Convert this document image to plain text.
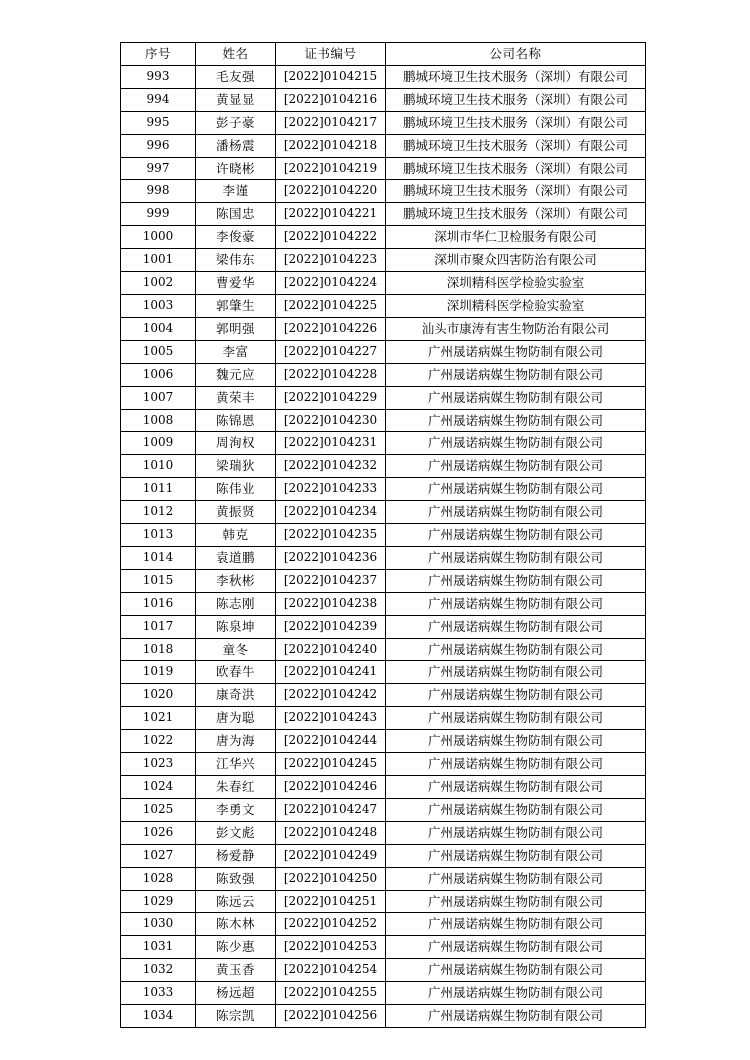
序号	姓名	证书编号	公司名称
993	毛友强	[2022]0104215	鹏城环境卫生技术服务（深圳）有限公司
994	黄显显	[2022]0104216	鹏城环境卫生技术服务（深圳）有限公司
995	彭子豪	[2022]0104217	鹏城环境卫生技术服务（深圳）有限公司
996	潘杨震	[2022]0104218	鹏城环境卫生技术服务（深圳）有限公司
997	许晓彬	[2022]0104219	鹏城环境卫生技术服务（深圳）有限公司
998	李谨	[2022]0104220	鹏城环境卫生技术服务（深圳）有限公司
999	陈国忠	[2022]0104221	鹏城环境卫生技术服务（深圳）有限公司
1000	李俊豪	[2022]0104222	深圳市华仁卫检服务有限公司
1001	梁伟东	[2022]0104223	深圳市聚众四害防治有限公司
1002	曹爱华	[2022]0104224	深圳精科医学检验实验室
1003	郭肇生	[2022]0104225	深圳精科医学检验实验室
1004	郭明强	[2022]0104226	汕头市康涛有害生物防治有限公司
1005	李富	[2022]0104227	广州晟诺病媒生物防制有限公司
1006	魏元应	[2022]0104228	广州晟诺病媒生物防制有限公司
1007	黄荣丰	[2022]0104229	广州晟诺病媒生物防制有限公司
1008	陈锦恩	[2022]0104230	广州晟诺病媒生物防制有限公司
1009	周洵权	[2022]0104231	广州晟诺病媒生物防制有限公司
1010	梁瑞狄	[2022]0104232	广州晟诺病媒生物防制有限公司
1011	陈伟业	[2022]0104233	广州晟诺病媒生物防制有限公司
1012	黄振贤	[2022]0104234	广州晟诺病媒生物防制有限公司
1013	韩克	[2022]0104235	广州晟诺病媒生物防制有限公司
1014	袁道鹏	[2022]0104236	广州晟诺病媒生物防制有限公司
1015	李秋彬	[2022]0104237	广州晟诺病媒生物防制有限公司
1016	陈志刚	[2022]0104238	广州晟诺病媒生物防制有限公司
1017	陈泉坤	[2022]0104239	广州晟诺病媒生物防制有限公司
1018	童冬	[2022]0104240	广州晟诺病媒生物防制有限公司
1019	欧春牛	[2022]0104241	广州晟诺病媒生物防制有限公司
1020	康奇洪	[2022]0104242	广州晟诺病媒生物防制有限公司
1021	唐为聪	[2022]0104243	广州晟诺病媒生物防制有限公司
1022	唐为海	[2022]0104244	广州晟诺病媒生物防制有限公司
1023	江华兴	[2022]0104245	广州晟诺病媒生物防制有限公司
1024	朱春红	[2022]0104246	广州晟诺病媒生物防制有限公司
1025	李勇文	[2022]0104247	广州晟诺病媒生物防制有限公司
1026	彭文彪	[2022]0104248	广州晟诺病媒生物防制有限公司
1027	杨爱静	[2022]0104249	广州晟诺病媒生物防制有限公司
1028	陈致强	[2022]0104250	广州晟诺病媒生物防制有限公司
1029	陈远云	[2022]0104251	广州晟诺病媒生物防制有限公司
1030	陈木林	[2022]0104252	广州晟诺病媒生物防制有限公司
1031	陈少惠	[2022]0104253	广州晟诺病媒生物防制有限公司
1032	黄玉香	[2022]0104254	广州晟诺病媒生物防制有限公司
1033	杨远超	[2022]0104255	广州晟诺病媒生物防制有限公司
1034	陈宗凯	[2022]0104256	广州晟诺病媒生物防制有限公司
